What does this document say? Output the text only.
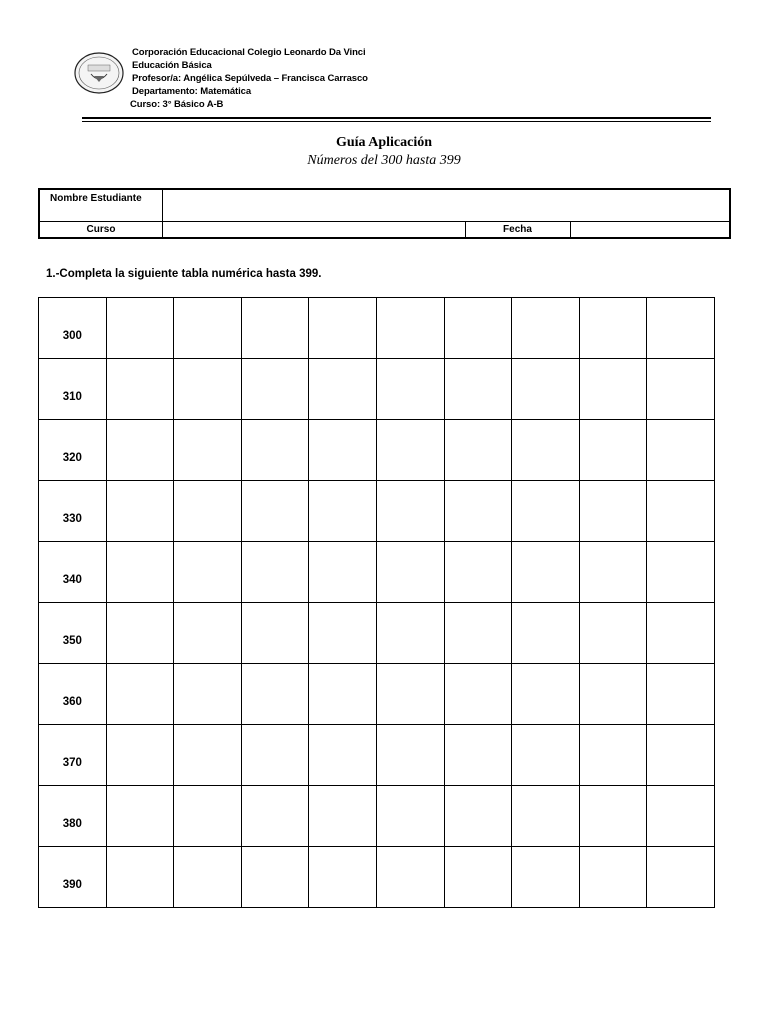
Corporación Educacional Colegio Leonardo Da Vinci
Educación Básica
Profesor/a: Angélica Sepúlveda – Francisca Carrasco
Departamento: Matemática
Curso: 3° Básico A-B
Guía Aplicación
Números del 300 hasta 399
Nombre Estudiante
Curso	Fecha
1.-Completa la siguiente tabla numérica hasta 399.
300									
310									
320									
330									
340									
350									
360									
370									
380									
390									
